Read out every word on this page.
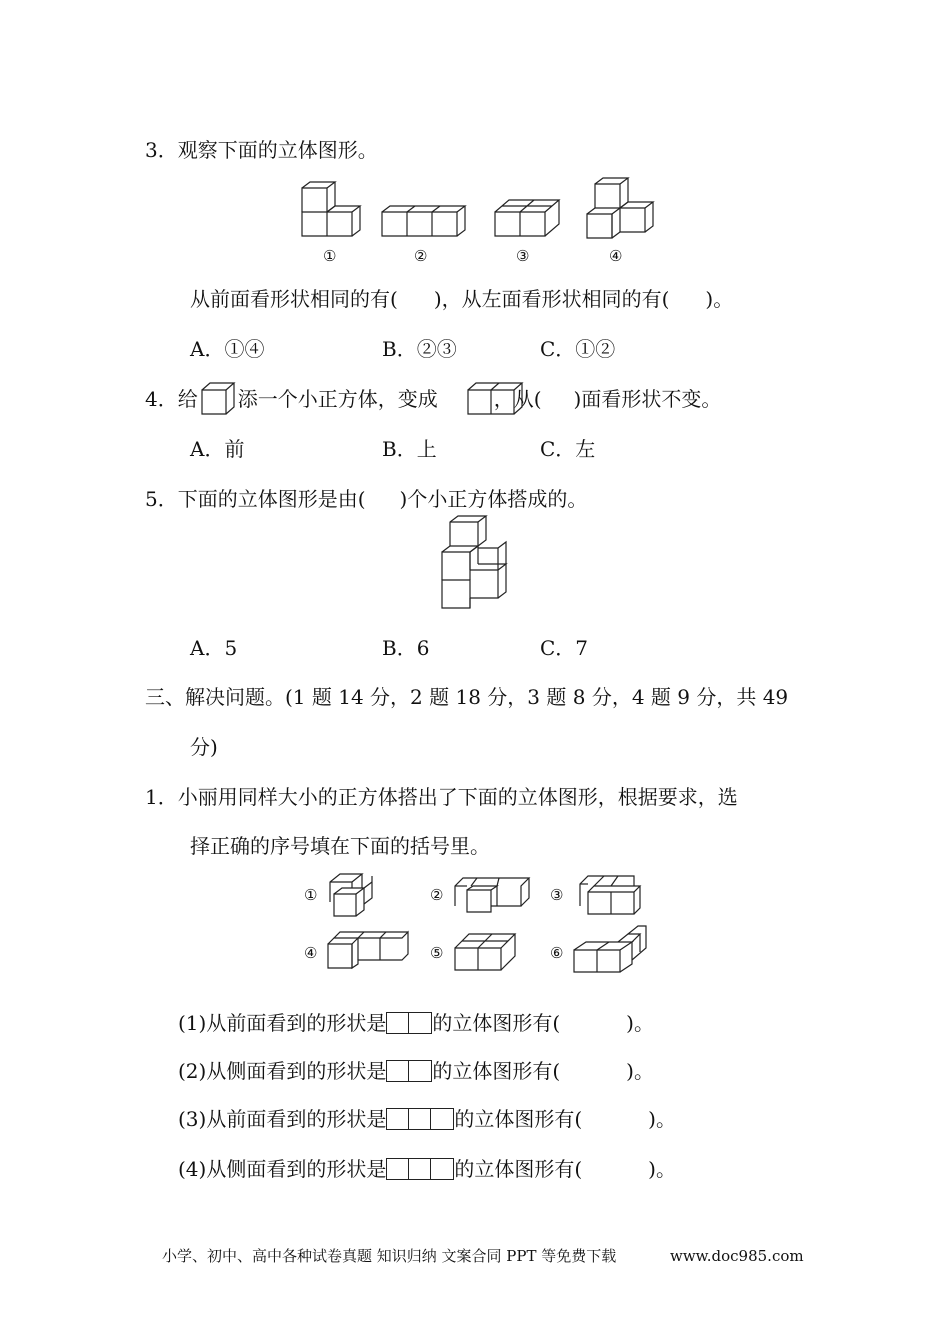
3．观察下面的立体图形。
①	②	③	④
从前面看形状相同的有( )，从左面看形状相同的有( )。
A．①④	B．②③	C．①②
4．给 添一个小正方体，变成	，从( )面看形状不变。
A．前	B．上	C．左
5．下面的立体图形是由( )个小正方体搭成的。
A．5	B．6	C．7
三、解决问题。(1 题 14 分，2 题 18 分，3 题 8 分，4 题 9 分，共 49
分)
1．小丽用同样大小的正方体搭出了下面的立体图形，根据要求，选
择正确的序号填在下面的括号里。
①	②	③
④	⑤	⑥
(1)从前面看到的形状是 的立体图形有(	)。
(2)从侧面看到的形状是 的立体图形有(	)。
(3)从前面看到的形状是	的立体图形有(	)。
(4)从侧面看到的形状是	的立体图形有(	)。
小学、初中、高中各种试卷真题 知识归纳 文案合同 PPT 等免费下载	www.doc985.com
